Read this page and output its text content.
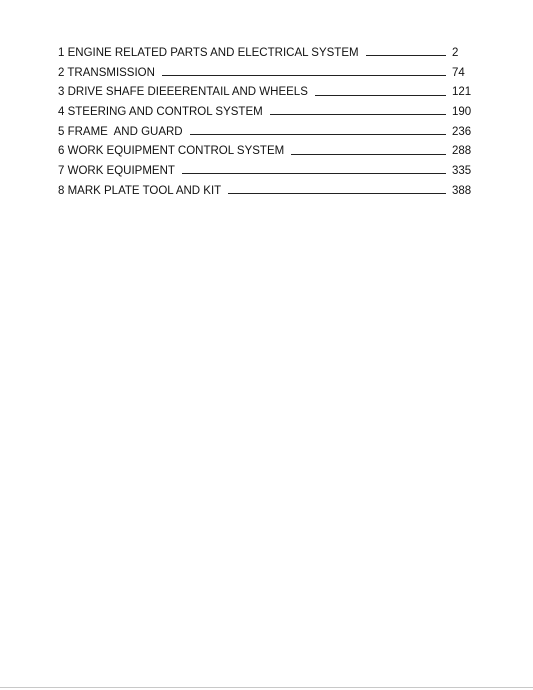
1 ENGINE RELATED PARTS AND ELECTRICAL SYSTEM	2
2 TRANSMISSION	74
3 DRIVE SHAFE DIEEERENTAIL AND WHEELS	121
4 STEERING AND CONTROL SYSTEM	190
5 FRAME  AND GUARD	236
6 WORK EQUIPMENT CONTROL SYSTEM	288
7 WORK EQUIPMENT	335
8 MARK PLATE TOOL AND KIT	388
